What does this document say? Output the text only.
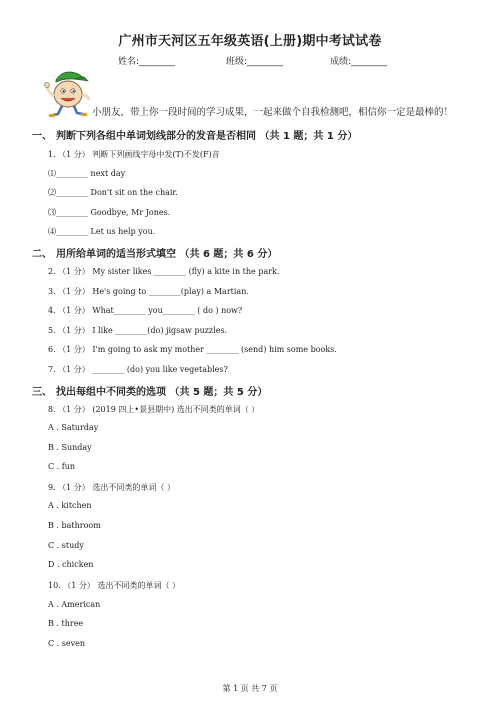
广州市天河区五年级英语(上册)期中考试试卷
姓名:________	班级:________	成绩:________
小朋友，带上你一段时间的学习成果，一起来做个自我检测吧，相信你一定是最棒的！
一、 判断下列各组中单词划线部分的发音是否相同 （共 1 题；共 1 分）
1. （1 分） 判断下列画线字母中发(T)不发(F)音
⑴________ next day
⑵________ Don't sit on the chair.
⑶________ Goodbye, Mr Jones.
⑷________ Let us help you.
二、 用所给单词的适当形式填空 （共 6 题；共 6 分）
2. （1 分） My sister likes ________ (fly) a kite in the park.
3. （1 分） He's going to ________(play) a Martian.
4. （1 分） What________ you________ ( do ) now?
5. （1 分） I like ________(do) jigsaw puzzles.
6. （1 分） I'm going to ask my mother ________ (send) him some books.
7. （1 分） ________ (do) you like vegetables?
三、 找出每组中不同类的选项 （共 5 题；共 5 分）
8. （1 分） (2019 四上•景县期中) 选出不同类的单词（ ）
A . Saturday
B . Sunday
C . fun
9. （1 分） 选出不同类的单词（ ）
A . kitchen
B . bathroom
C . study
D . chicken
10. （1 分） 选出不同类的单词（ ）
A . American
B . three
C . seven
第 1 页 共 7 页
